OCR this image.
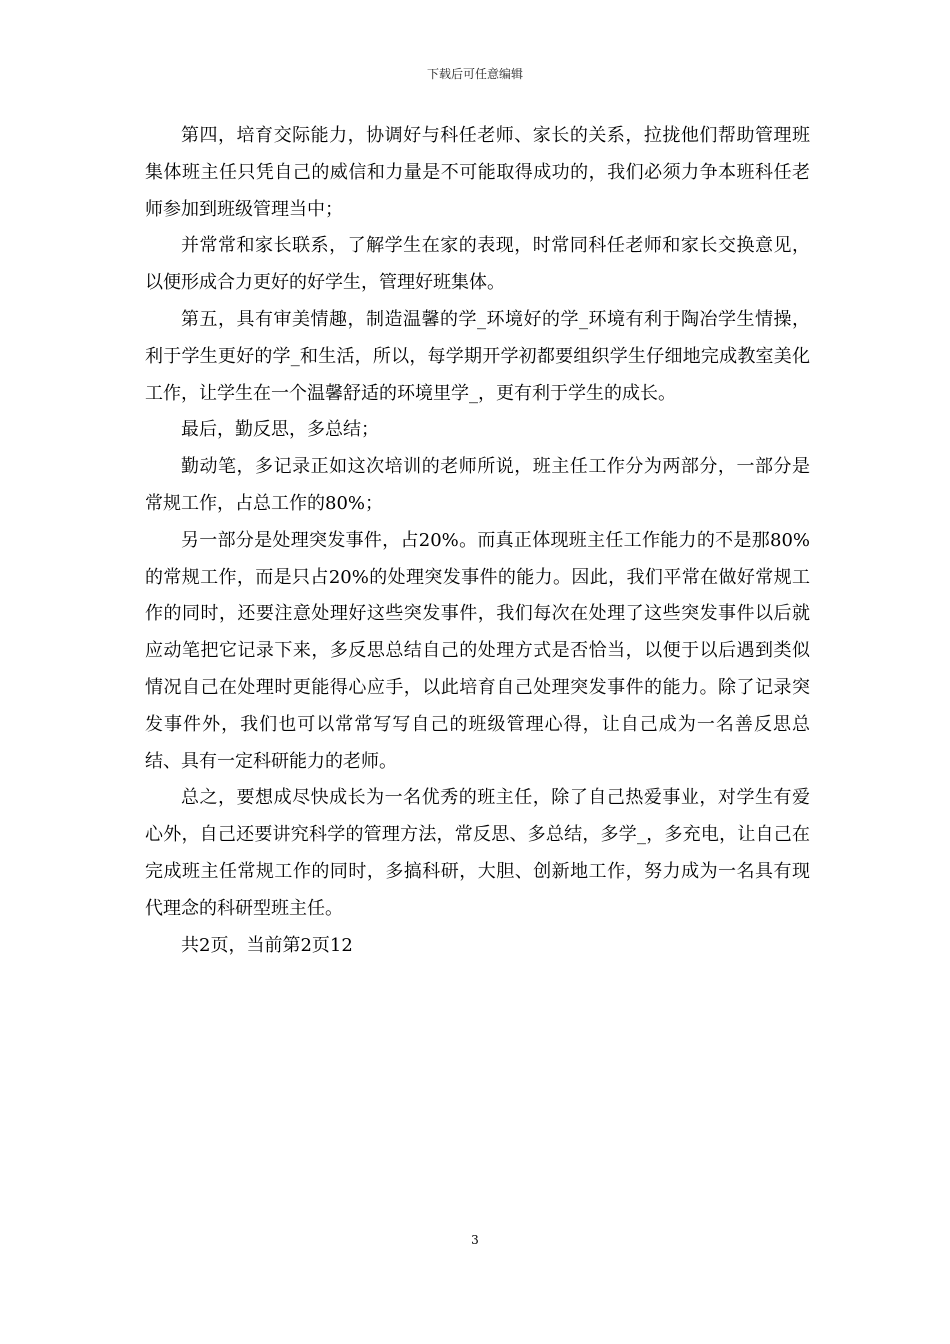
下载后可任意编辑

第四，培育交际能力，协调好与科任老师、家长的关系，拉拢他们帮助管理班集体班主任只凭自己的威信和力量是不可能取得成功的，我们必须力争本班科任老师参加到班级管理当中；

并常常和家长联系，了解学生在家的表现，时常同科任老师和家长交换意见，以便形成合力更好的好学生，管理好班集体。

第五，具有审美情趣，制造温馨的学_环境好的学_环境有利于陶冶学生情操，利于学生更好的学_和生活，所以，每学期开学初都要组织学生仔细地完成教室美化工作，让学生在一个温馨舒适的环境里学_，更有利于学生的成长。

最后，勤反思，多总结；

勤动笔，多记录正如这次培训的老师所说，班主任工作分为两部分，一部分是常规工作，占总工作的80%；

另一部分是处理突发事件，占20%。而真正体现班主任工作能力的不是那80%的常规工作，而是只占20%的处理突发事件的能力。因此，我们平常在做好常规工作的同时，还要注意处理好这些突发事件，我们每次在处理了这些突发事件以后就应动笔把它记录下来，多反思总结自己的处理方式是否恰当，以便于以后遇到类似情况自己在处理时更能得心应手，以此培育自己处理突发事件的能力。除了记录突发事件外，我们也可以常常写写自己的班级管理心得，让自己成为一名善反思总结、具有一定科研能力的老师。

总之，要想成尽快成长为一名优秀的班主任，除了自己热爱事业，对学生有爱心外，自己还要讲究科学的管理方法，常反思、多总结，多学_，多充电，让自己在完成班主任常规工作的同时，多搞科研，大胆、创新地工作，努力成为一名具有现代理念的科研型班主任。

共2页，当前第2页12

3
